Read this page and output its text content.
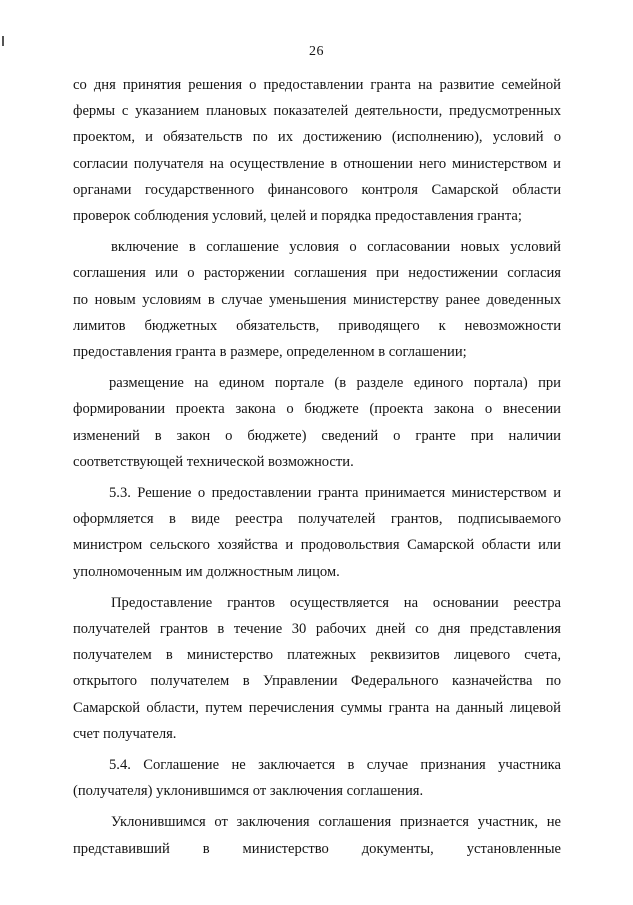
26

со дня принятия решения о предоставлении гранта на развитие семейной

фермы с указанием плановых показателей деятельности, предусмотренных

проектом, и обязательств по их достижению (исполнению), условий о

согласии получателя на осуществление в отношении него министерством и

органами государственного финансового контроля Самарской области

проверок соблюдения условий, целей и порядка предоставления гранта;

включение в соглашение условия о согласовании новых условий

соглашения или о расторжении соглашения при недостижении согласия

по новым условиям в случае уменьшения министерству ранее доведенных

лимитов бюджетных обязательств, приводящего к невозможности

предоставления гранта в размере, определенном в соглашении;

размещение на едином портале (в разделе единого портала) при

формировании проекта закона о бюджете (проекта закона о внесении

изменений в закон о бюджете) сведений о гранте при наличии

соответствующей технической возможности.

5.3. Решение о предоставлении гранта принимается министерством и

оформляется в виде реестра получателей грантов, подписываемого

министром сельского хозяйства и продовольствия Самарской области или

уполномоченным им должностным лицом.

Предоставление грантов осуществляется на основании реестра

получателей грантов в течение 30 рабочих дней со дня представления

получателем в министерство платежных реквизитов лицевого счета,

открытого получателем в Управлении Федерального казначейства по

Самарской области, путем перечисления суммы гранта на данный лицевой

счет получателя.

5.4. Соглашение не заключается в случае признания участника

(получателя) уклонившимся от заключения соглашения.

Уклонившимся от заключения соглашения признается участник, не

представивший в министерство документы, установленные
